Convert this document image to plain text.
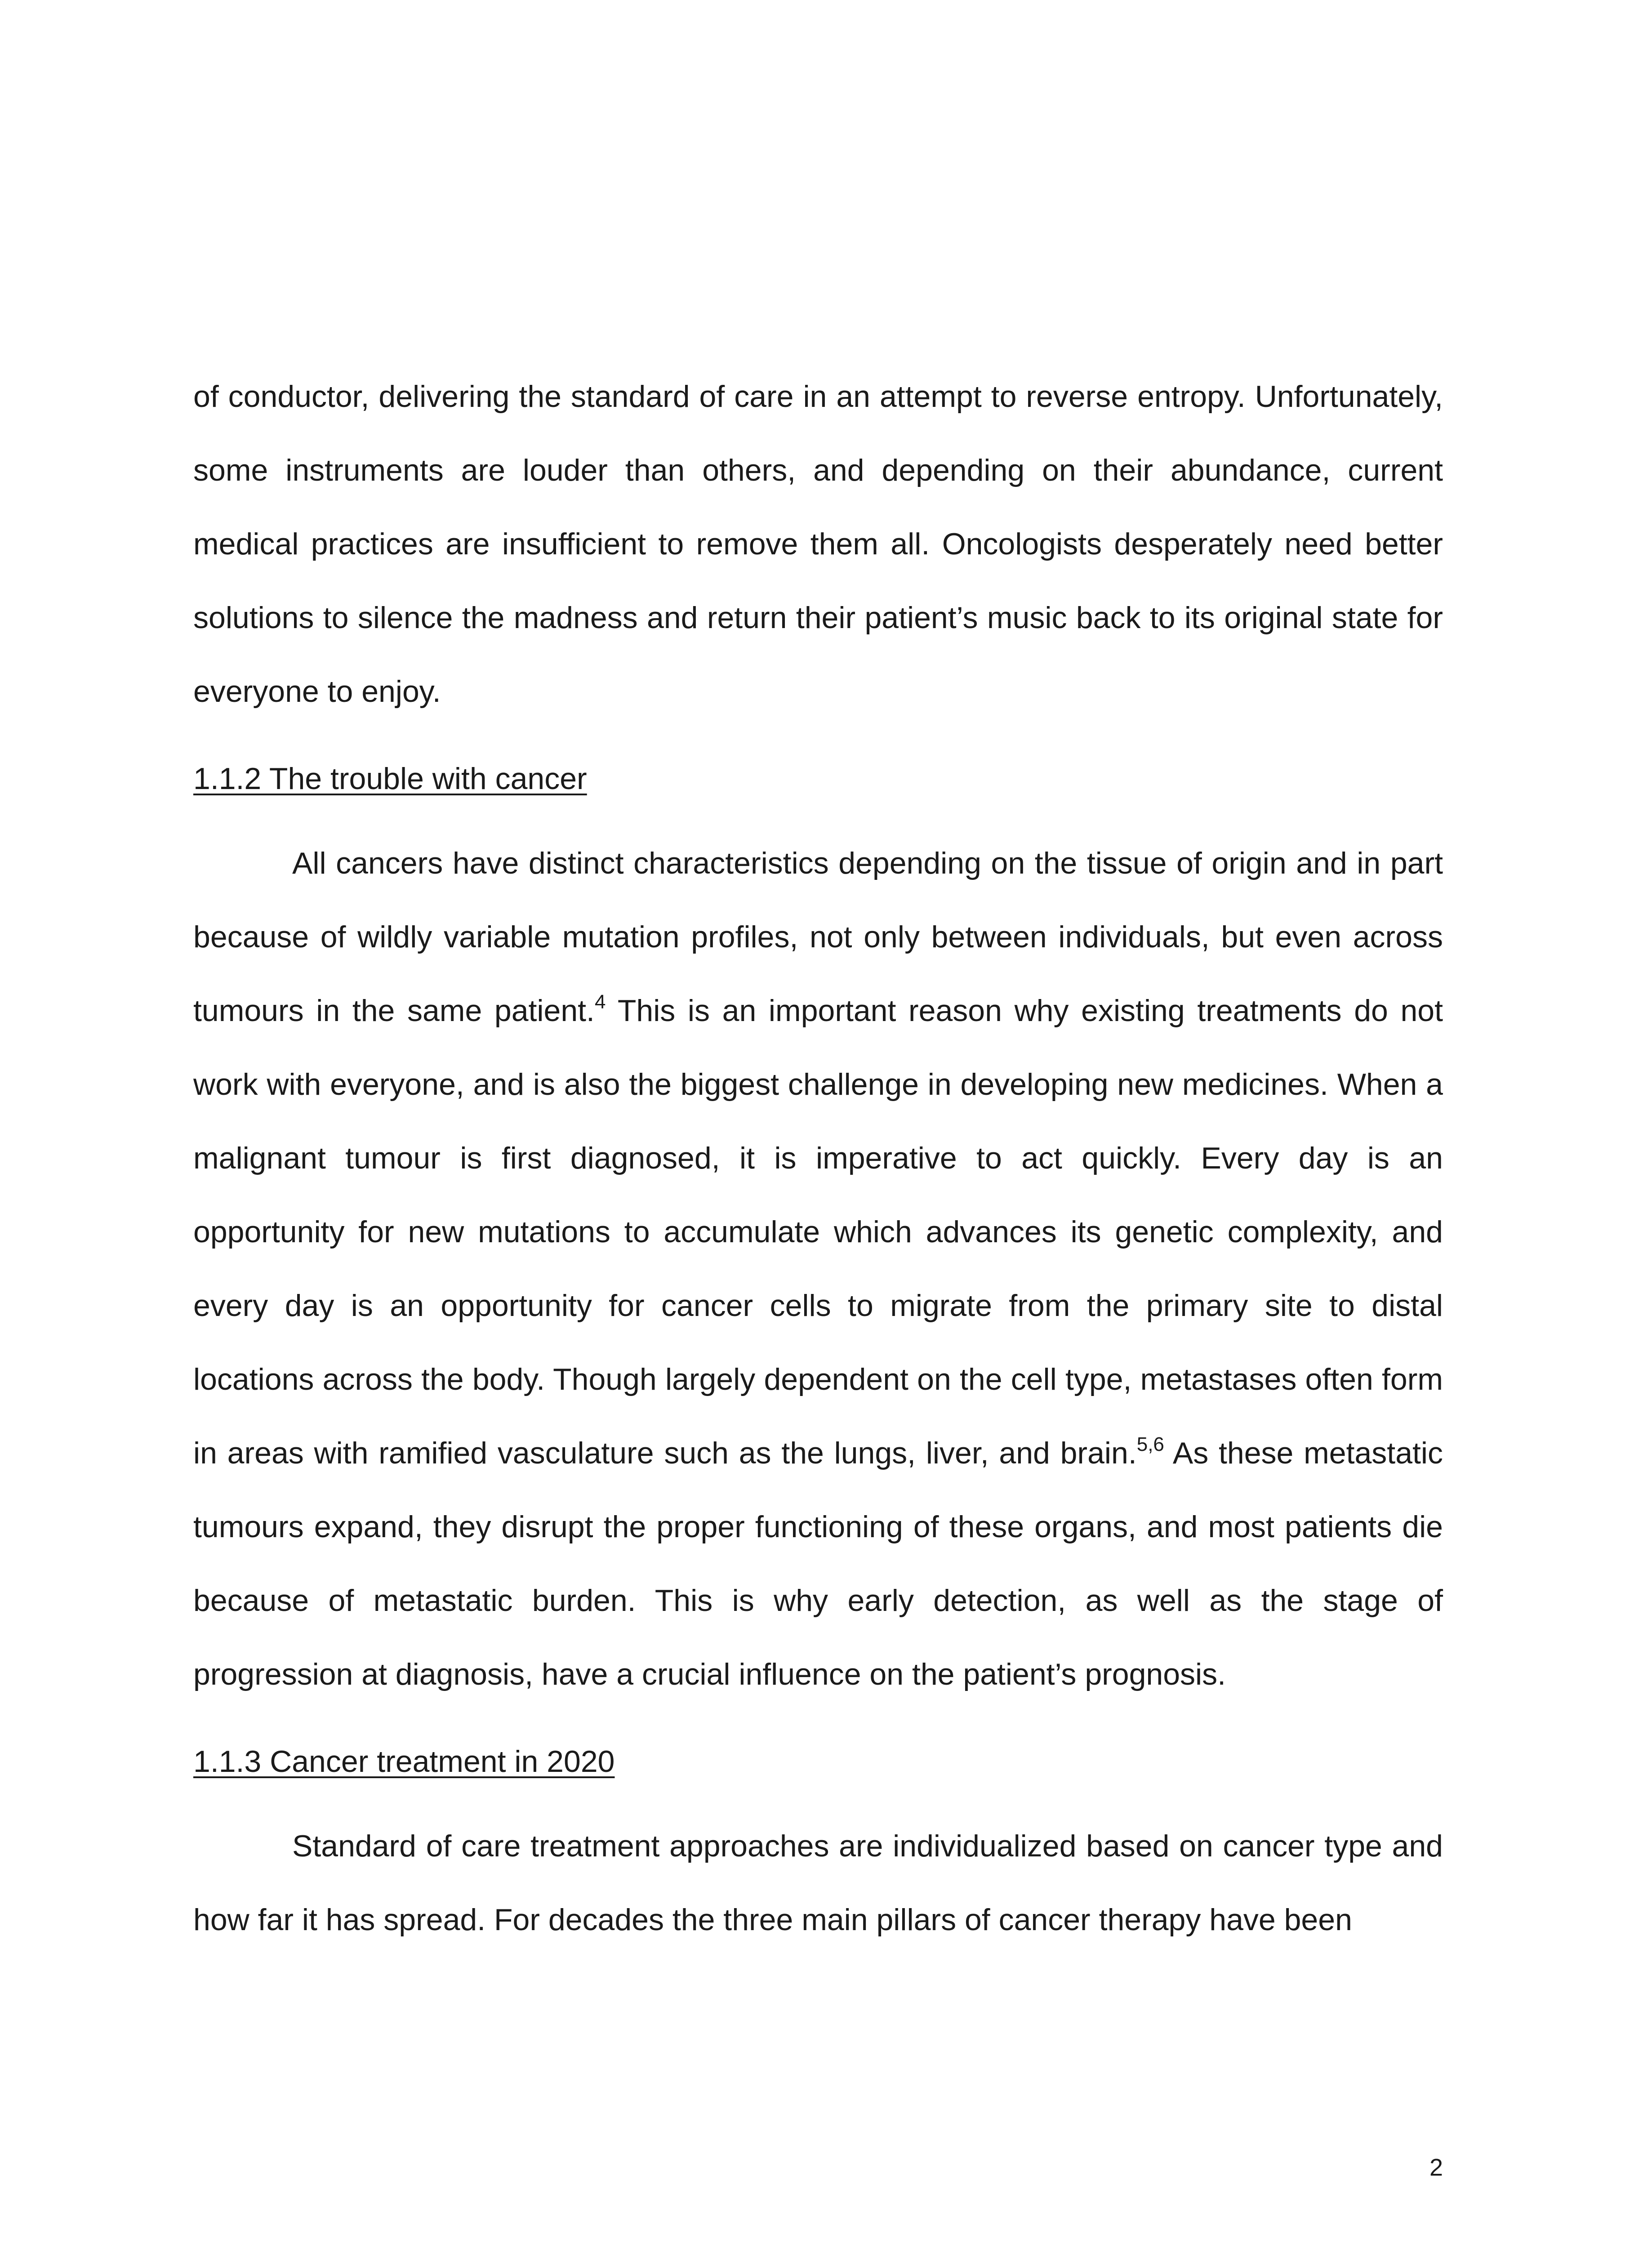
of conductor, delivering the standard of care in an attempt to reverse entropy. Unfortunately, some instruments are louder than others, and depending on their abundance, current medical practices are insufficient to remove them all. Oncologists desperately need better solutions to silence the madness and return their patient’s music back to its original state for everyone to enjoy.

1.1.2 The trouble with cancer

All cancers have distinct characteristics depending on the tissue of origin and in part because of wildly variable mutation profiles, not only between individuals, but even across tumours in the same patient.$^4$ This is an important reason why existing treatments do not work with everyone, and is also the biggest challenge in developing new medicines. When a malignant tumour is first diagnosed, it is imperative to act quickly. Every day is an opportunity for new mutations to accumulate which advances its genetic complexity, and every day is an opportunity for cancer cells to migrate from the primary site to distal locations across the body. Though largely dependent on the cell type, metastases often form in areas with ramified vasculature such as the lungs, liver, and brain.$^{5,6}$ As these metastatic tumours expand, they disrupt the proper functioning of these organs, and most patients die because of metastatic burden. This is why early detection, as well as the stage of progression at diagnosis, have a crucial influence on the patient’s prognosis.

1.1.3 Cancer treatment in 2020

Standard of care treatment approaches are individualized based on cancer type and how far it has spread. For decades the three main pillars of cancer therapy have been

2
